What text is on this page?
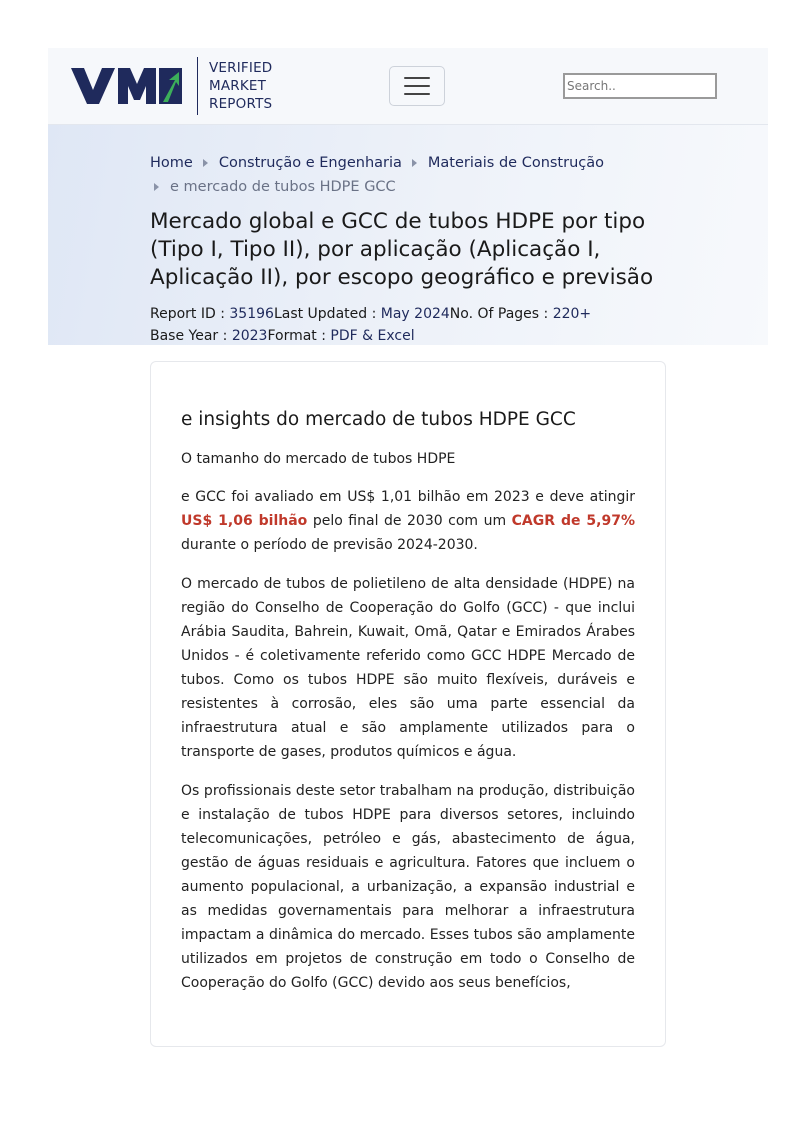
VERIFIED
MARKET
REPORTS
Search..
Home Construção e Engenharia Materiais de Construção
e mercado de tubos HDPE GCC
Mercado global e GCC de tubos HDPE por tipo (Tipo I, Tipo II), por aplicação (Aplicação I, Aplicação II), por escopo geográfico e previsão
Report ID : 35196Last Updated : May 2024No. Of Pages : 220+
Base Year : 2023Format : PDF & Excel
e insights do mercado de tubos HDPE GCC

O tamanho do mercado de tubos HDPE

e GCC foi avaliado em US$ 1,01 bilhão em 2023 e deve atingir US$ 1,06 bilhão pelo final de 2030 com um CAGR de 5,97% durante o período de previsão 2024-2030.

O mercado de tubos de polietileno de alta densidade (HDPE) na região do Conselho de Cooperação do Golfo (GCC) - que inclui Arábia Saudita, Bahrein, Kuwait, Omã, Qatar e Emirados Árabes Unidos - é coletivamente referido como GCC HDPE Mercado de tubos. Como os tubos HDPE são muito flexíveis, duráveis e resistentes à corrosão, eles são uma parte essencial da infraestrutura atual e são amplamente utilizados para o transporte de gases, produtos químicos e água.

Os profissionais deste setor trabalham na produção, distribuição e instalação de tubos HDPE para diversos setores, incluindo telecomunicações, petróleo e gás, abastecimento de água, gestão de águas residuais e agricultura. Fatores que incluem o aumento populacional, a urbanização, a expansão industrial e as medidas governamentais para melhorar a infraestrutura impactam a dinâmica do mercado. Esses tubos são amplamente utilizados em projetos de construção em todo o Conselho de Cooperação do Golfo (GCC) devido aos seus benefícios,
